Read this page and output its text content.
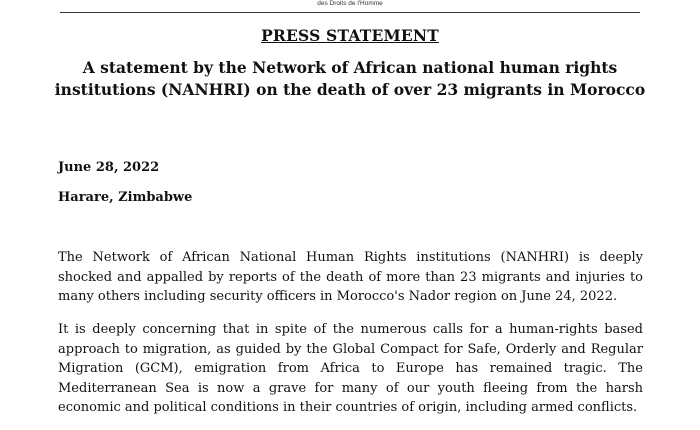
des Droits de l'Homme
PRESS STATEMENT
A statement by the Network of African national human rights institutions (NANHRI) on the death of over 23 migrants in Morocco
June 28, 2022
Harare, Zimbabwe

The Network of African National Human Rights institutions (NANHRI) is deeply shocked and appalled by reports of the death of more than 23 migrants and injuries to many others including security officers in Morocco's Nador region on June 24, 2022.

It is deeply concerning that in spite of the numerous calls for a human-rights based approach to migration, as guided by the Global Compact for Safe, Orderly and Regular Migration (GCM), emigration from Africa to Europe has remained tragic. The Mediterranean Sea is now a grave for many of our youth fleeing from the harsh economic and political conditions in their countries of origin, including armed conflicts.
